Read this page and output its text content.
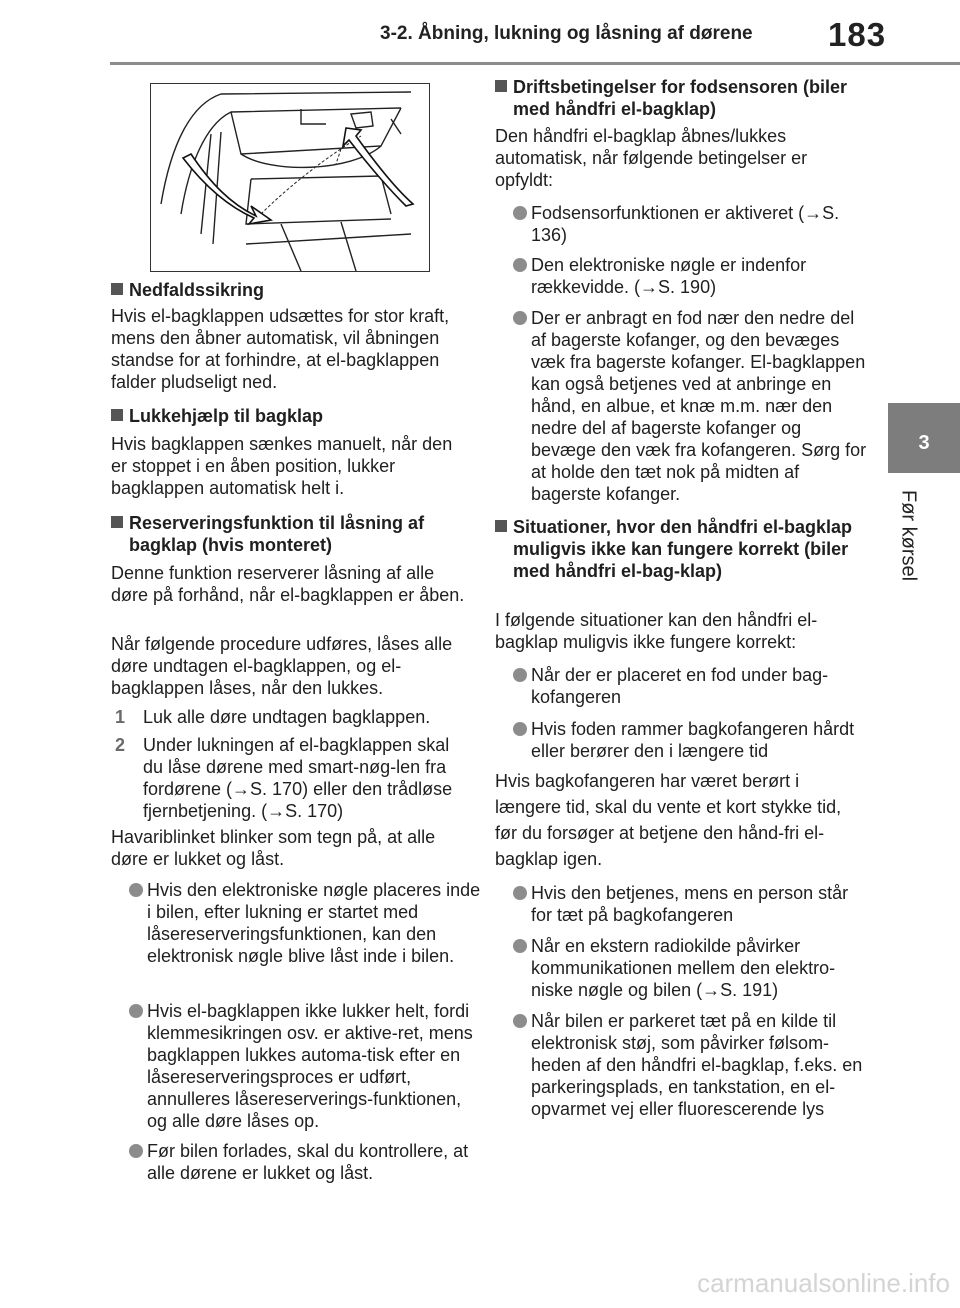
3-2. Åbning, lukning og låsning af dørene	183
3
Før kørsel
Nedfaldssikring
Hvis el-bagklappen udsættes for stor kraft, mens den åbner automatisk, vil åbningen standse for at forhindre, at el-bagklappen falder pludseligt ned.
Lukkehjælp til bagklap
Hvis bagklappen sænkes manuelt, når den er stoppet i en åben position, lukker bagklappen automatisk helt i.
Reserveringsfunktion til låsning af bagklap (hvis monteret)
Denne funktion reserverer låsning af alle døre på forhånd, når el-bagklappen er åben.
Når følgende procedure udføres, låses alle døre undtagen el-bagklappen, og el-bagklappen låses, når den lukkes.
1 Luk alle døre undtagen bagklappen.
2 Under lukningen af el-bagklappen skal du låse dørene med smart-nøg-len fra fordørene (→S. 170) eller den trådløse fjernbetjening. (→S. 170)
Havariblinket blinker som tegn på, at alle døre er lukket og låst.
Hvis den elektroniske nøgle placeres inde i bilen, efter lukning er startet med låsereserveringsfunktionen, kan den elektronisk nøgle blive låst inde i bilen.
Hvis el-bagklappen ikke lukker helt, fordi klemmesikringen osv. er aktive-ret, mens bagklappen lukkes automa-tisk efter en låsereserveringsproces er udført, annulleres låsereserverings-funktionen, og alle døre låses op.
Før bilen forlades, skal du kontrollere, at alle dørene er lukket og låst.
Driftsbetingelser for fodsensoren (biler med håndfri el-bagklap)
Den håndfri el-bagklap åbnes/lukkes automatisk, når følgende betingelser er opfyldt:
Fodsensorfunktionen er aktiveret (→S. 136)
Den elektroniske nøgle er indenfor rækkevidde. (→S. 190)
Der er anbragt en fod nær den nedre del af bagerste kofanger, og den bevæges væk fra bagerste kofanger. El-bagklappen kan også betjenes ved at anbringe en hånd, en albue, et knæ m.m. nær den nedre del af bagerste kofanger og bevæge den væk fra kofangeren. Sørg for at holde den tæt nok på midten af bagerste kofanger.
Situationer, hvor den håndfri el-bagklap muligvis ikke kan fungere korrekt (biler med håndfri el-bag-klap)
I følgende situationer kan den håndfri el-bagklap muligvis ikke fungere korrekt:
Når der er placeret en fod under bag-kofangeren
Hvis foden rammer bagkofangeren hårdt eller berører den i længere tid
Hvis bagkofangeren har været berørt i længere tid, skal du vente et kort stykke tid, før du forsøger at betjene den hånd-fri el-bagklap igen.
Hvis den betjenes, mens en person står for tæt på bagkofangeren
Når en ekstern radiokilde påvirker kommunikationen mellem den elektro-niske nøgle og bilen (→S. 191)
Når bilen er parkeret tæt på en kilde til elektronisk støj, som påvirker følsom-heden af den håndfri el-bagklap, f.eks. en parkeringsplads, en tankstation, en el-opvarmet vej eller fluorescerende lys
carmanualsonline.info
